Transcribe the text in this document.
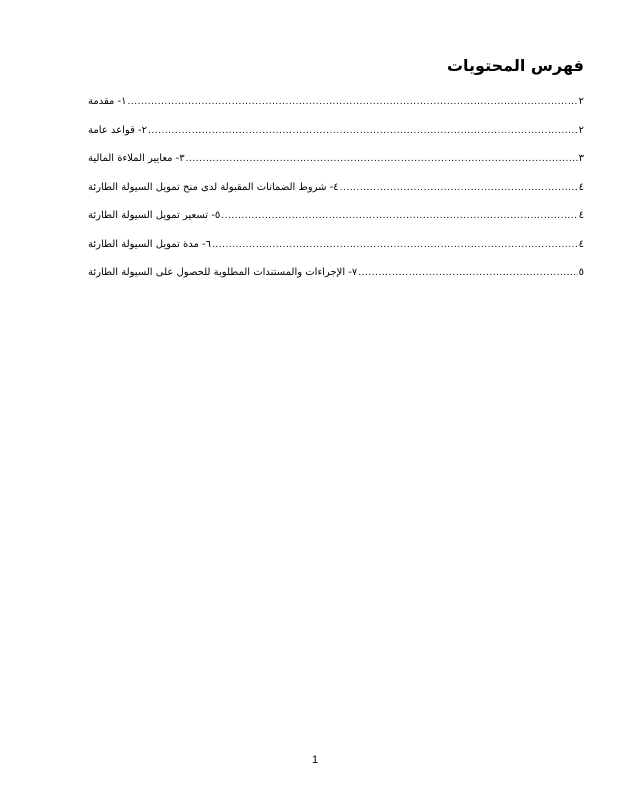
فهرس المحتويات
١- مقدمة .....	٢
٢- قواعد عامة .....	٢
٣- معايير الملاءة المالية .....	٣
٤- شروط الضمانات المقبولة لدى منح تمويل السيولة الطارئة .....	٤
٥- تسعير تمويل السيولة الطارئة .....	٤
٦- مدة تمويل السيولة الطارئة .....	٤
٧- الإجراءات والمستندات المطلوبة للحصول على السيولة الطارئة .....	٥

1
